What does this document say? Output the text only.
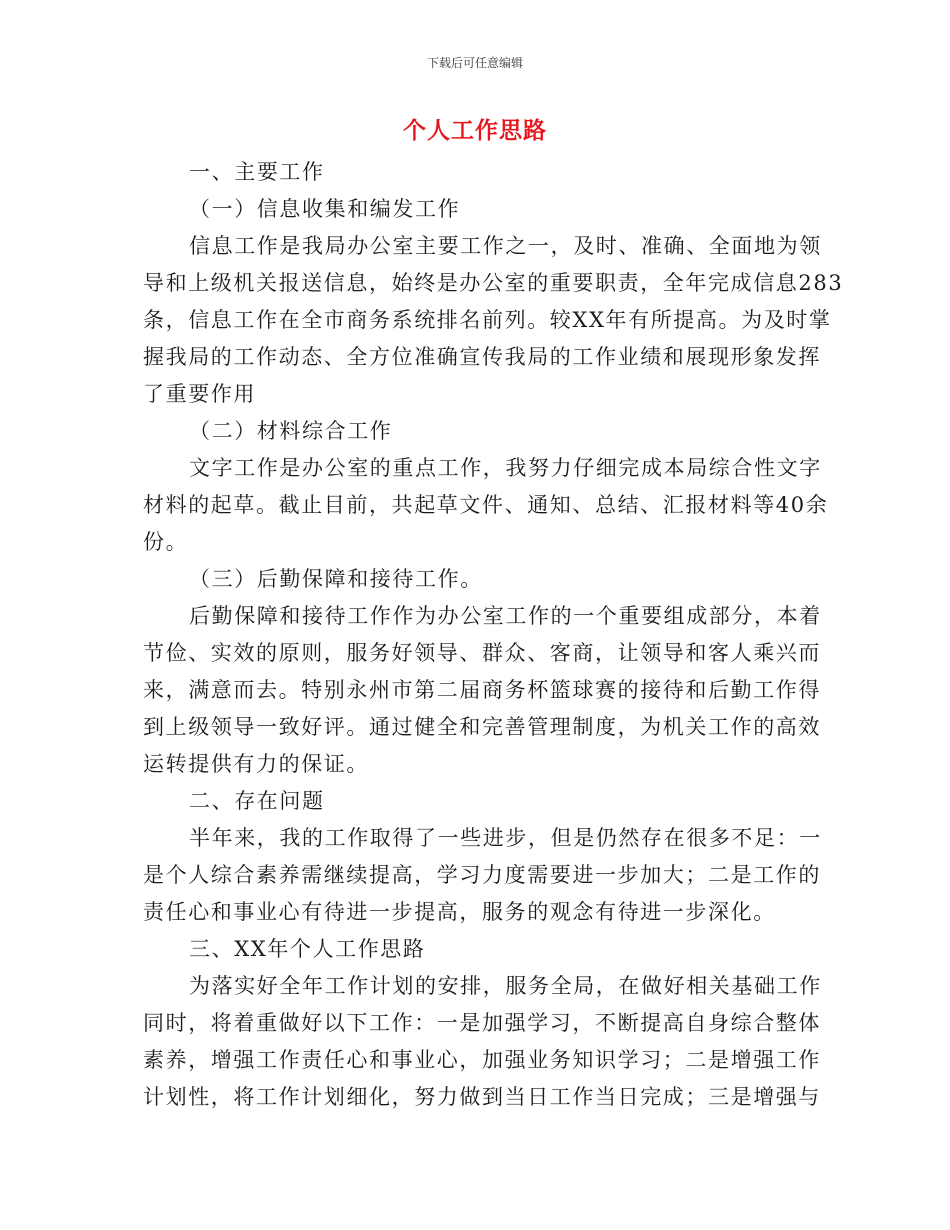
下载后可任意编辑
个人工作思路
一、主要工作
（一）信息收集和编发工作
信息工作是我局办公室主要工作之一，及时、准确、全面地为领
导和上级机关报送信息，始终是办公室的重要职责，全年完成信息283
条，信息工作在全市商务系统排名前列。较XX年有所提高。为及时掌
握我局的工作动态、全方位准确宣传我局的工作业绩和展现形象发挥
了重要作用
（二）材料综合工作
文字工作是办公室的重点工作，我努力仔细完成本局综合性文字
材料的起草。截止目前，共起草文件、通知、总结、汇报材料等40余
份。
（三）后勤保障和接待工作。
后勤保障和接待工作作为办公室工作的一个重要组成部分，本着
节俭、实效的原则，服务好领导、群众、客商，让领导和客人乘兴而
来，满意而去。特别永州市第二届商务杯篮球赛的接待和后勤工作得
到上级领导一致好评。通过健全和完善管理制度，为机关工作的高效
运转提供有力的保证。
二、存在问题
半年来，我的工作取得了一些进步，但是仍然存在很多不足：一
是个人综合素养需继续提高，学习力度需要进一步加大；二是工作的
责任心和事业心有待进一步提高，服务的观念有待进一步深化。
三、XX年个人工作思路
为落实好全年工作计划的安排，服务全局，在做好相关基础工作
同时，将着重做好以下工作：一是加强学习，不断提高自身综合整体
素养，增强工作责任心和事业心，加强业务知识学习；二是增强工作
计划性，将工作计划细化，努力做到当日工作当日完成；三是增强与
